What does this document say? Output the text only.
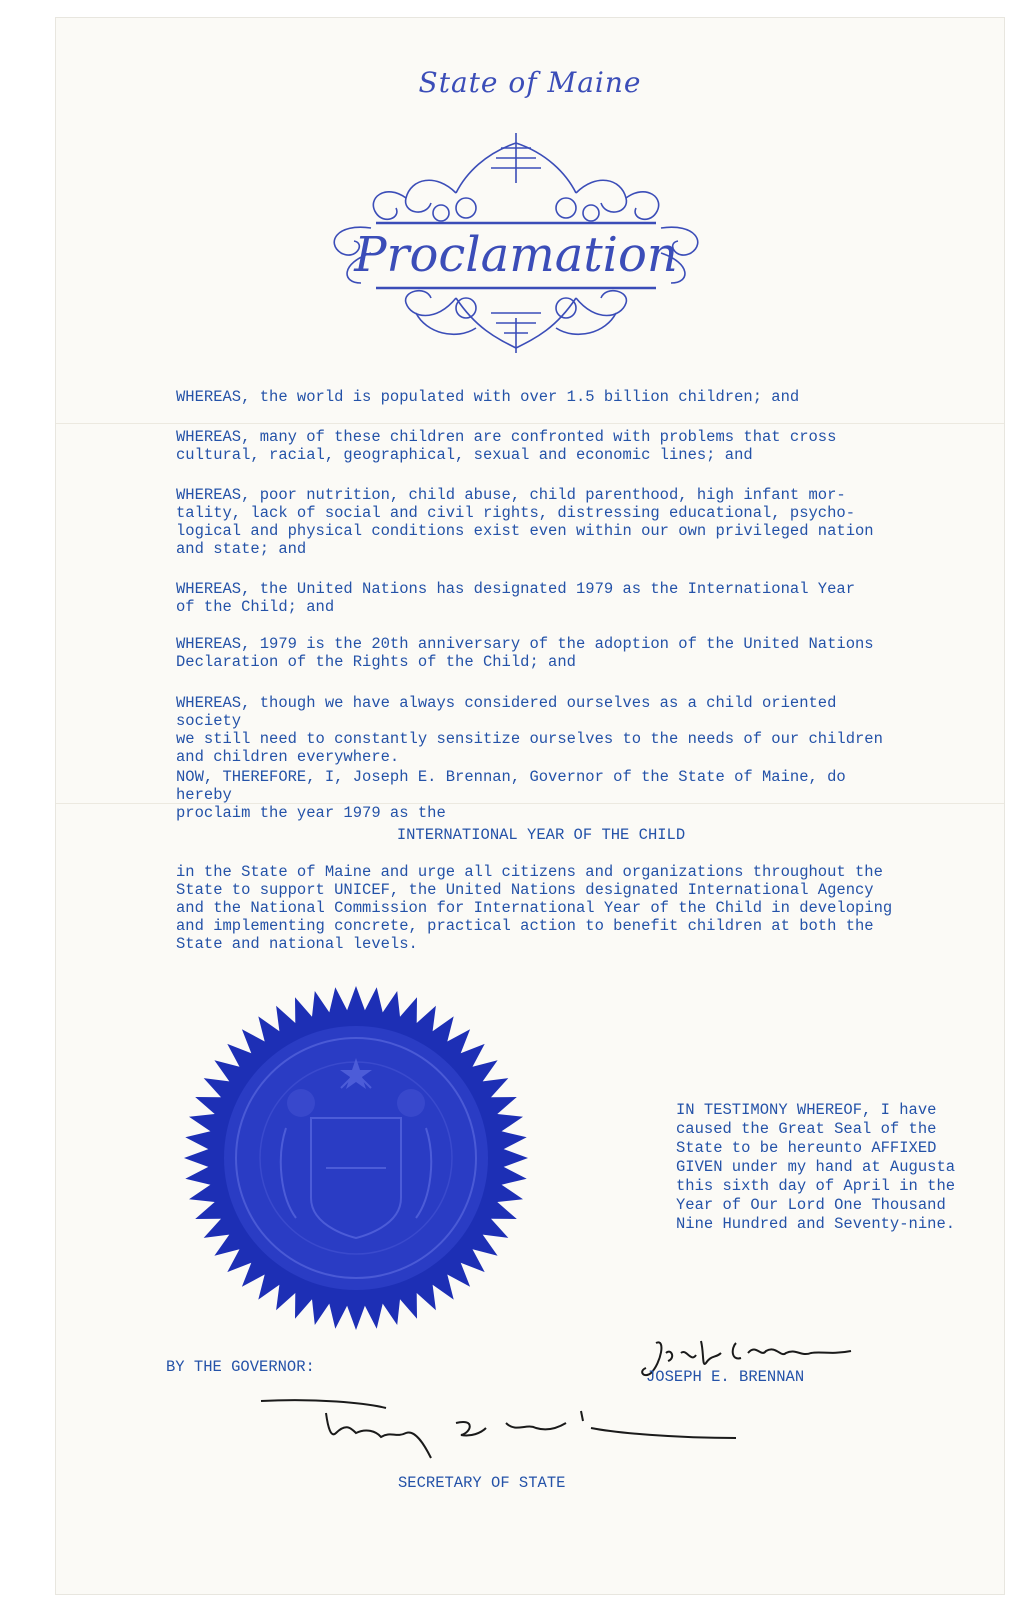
State of Maine
Proclamation
WHEREAS, the world is populated with over 1.5 billion children; and
WHEREAS, many of these children are confronted with problems that cross
cultural, racial, geographical, sexual and economic lines; and
WHEREAS, poor nutrition, child abuse, child parenthood, high infant mor-
tality, lack of social and civil rights, distressing educational, psycho-
logical and physical conditions exist even within our own privileged nation
and state; and
WHEREAS, the United Nations has designated 1979 as the International Year
of the Child; and
WHEREAS, 1979 is the 20th anniversary of the adoption of the United Nations
Declaration of the Rights of the Child; and
WHEREAS, though we have always considered ourselves as a child oriented society
we still need to constantly sensitize ourselves to the needs of our children
and children everywhere.
NOW, THEREFORE, I, Joseph E. Brennan, Governor of the State of Maine, do hereby
proclaim the year 1979 as the
INTERNATIONAL YEAR OF THE CHILD
in the State of Maine and urge all citizens and organizations throughout the
State to support UNICEF, the United Nations designated International Agency
and the National Commission for International Year of the Child in developing
and implementing concrete, practical action to benefit children at both the
State and national levels.
IN TESTIMONY WHEREOF, I have
caused the Great Seal of the
State to be hereunto AFFIXED
GIVEN under my hand at Augusta
this sixth day of April in the
Year of Our Lord One Thousand
Nine Hundred and Seventy-nine.
BY THE GOVERNOR:
JOSEPH E. BRENNAN
SECRETARY OF STATE
